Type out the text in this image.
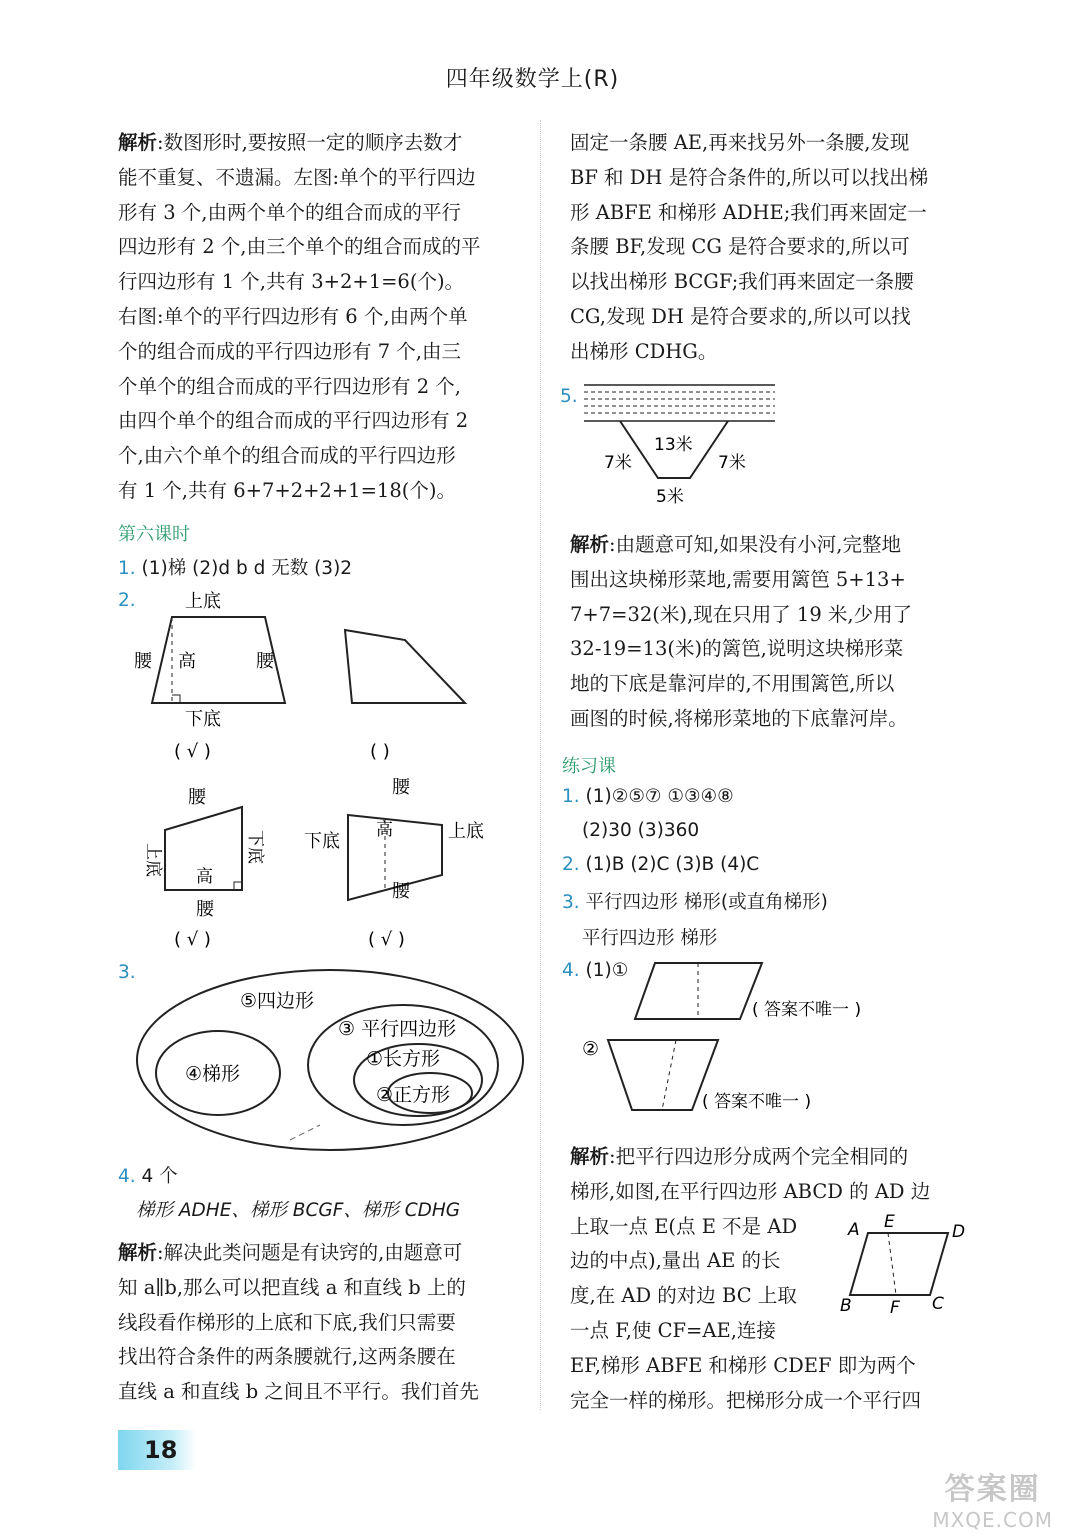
四年级数学上(R)
解析:数图形时,要按照一定的顺序去数才
能不重复、不遗漏。左图:单个的平行四边
形有 3 个,由两个单个的组合而成的平行
四边形有 2 个,由三个单个的组合而成的平
行四边形有 1 个,共有 3+2+1=6(个)。
右图:单个的平行四边形有 6 个,由两个单
个的组合而成的平行四边形有 7 个,由三
个单个的组合而成的平行四边形有 2 个,
由四个单个的组合而成的平行四边形有 2
个,由六个单个的组合而成的平行四边形
有 1 个,共有 6+7+2+2+1=18(个)。
第六课时
1. (1)梯 (2)d b d 无数 (3)2
2.	上底
腰 高	腰
下底
( √ )	( )
腰
上底	下底
高
腰
( √ )
腰
下底
高	上底
腰
( √ )
3.
⑤四边形
④梯形
③ 平行四边形
①长方形
②正方形
4. 4 个
梯形 ADHE、梯形 BCGF、梯形 CDHG
解析:解决此类问题是有诀窍的,由题意可
知 a∥b,那么可以把直线 a 和直线 b 上的
线段看作梯形的上底和下底,我们只需要
找出符合条件的两条腰就行,这两条腰在
直线 a 和直线 b 之间且不平行。我们首先
固定一条腰 AE,再来找另外一条腰,发现
BF 和 DH 是符合条件的,所以可以找出梯
形 ABFE 和梯形 ADHE;我们再来固定一
条腰 BF,发现 CG 是符合要求的,所以可
以找出梯形 BCGF;我们再来固定一条腰
CG,发现 DH 是符合要求的,所以可以找
出梯形 CDHG。
5.
13米
7米	7米
5米
解析:由题意可知,如果没有小河,完整地
围出这块梯形菜地,需要用篱笆 5+13+
7+7=32(米),现在只用了 19 米,少用了
32-19=13(米)的篱笆,说明这块梯形菜
地的下底是靠河岸的,不用围篱笆,所以
画图的时候,将梯形菜地的下底靠河岸。
练习课
1. (1)②⑤⑦ ①③④⑧
(2)30 (3)360
2. (1)B (2)C (3)B (4)C
3. 平行四边形 梯形(或直角梯形)
平行四边形 梯形
4. (1)①
( 答案不唯一 )
②
( 答案不唯一 )
解析:把平行四边形分成两个完全相同的
梯形,如图,在平行四边形 ABCD 的 AD 边
上取一点 E(点 E 不是 AD
边的中点),量出 AE 的长
度,在 AD 的对边 BC 上取
一点 F,使 CF=AE,连接
EF,梯形 ABFE 和梯形 CDEF 即为两个
完全一样的梯形。把梯形分成一个平行四
A E	D
B F C
18
答案圈
MXQE.COM
